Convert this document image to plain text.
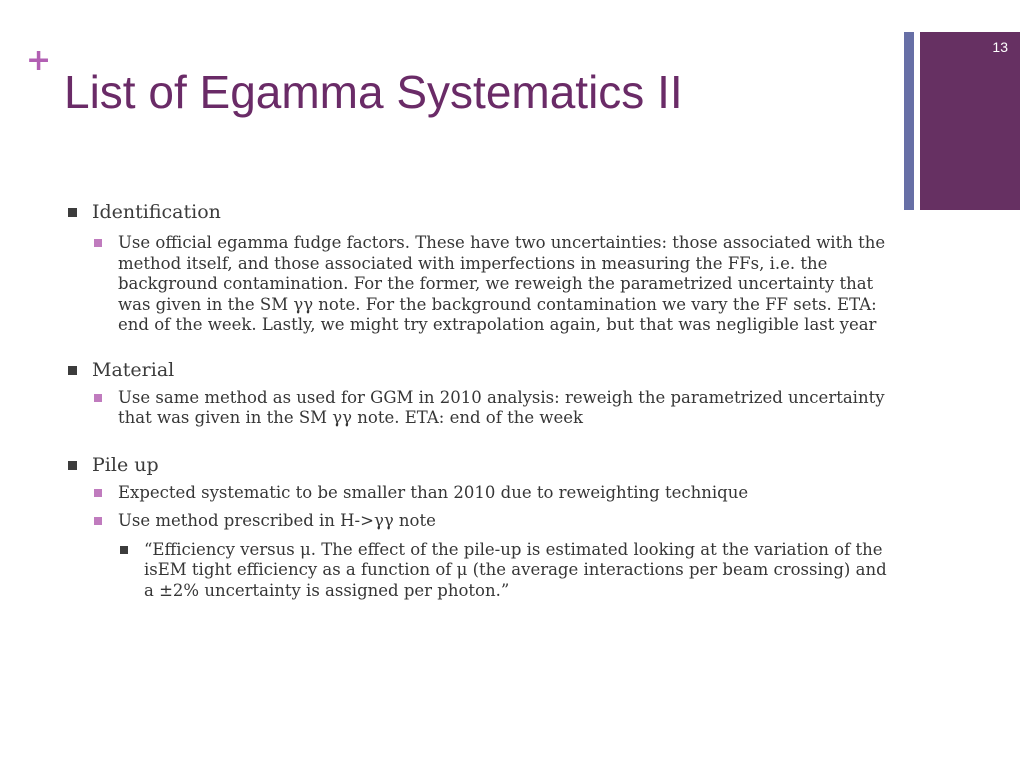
+
List of Egamma Systematics II
13
Identification
Use official egamma fudge factors. These have two uncertainties: those associated with the method itself, and those associated with imperfections in measuring the FFs, i.e. the background contamination. For the former, we reweigh the parametrized uncertainty that was given in the SM γγ note. For the background contamination we vary the FF sets. ETA: end of the week. Lastly, we might try extrapolation again, but that was negligible last year
Material
Use same method as used for GGM in 2010 analysis: reweigh the parametrized uncertainty that was given in the SM γγ note. ETA: end of the week
Pile up
Expected systematic to be smaller than 2010 due to reweighting technique
Use method prescribed in H->γγ note
“Efficiency versus μ. The effect of the pile-up is estimated looking at the variation of the isEM tight efficiency as a function of μ (the average interactions per beam crossing) and a ±2% uncertainty is assigned per photon.”
